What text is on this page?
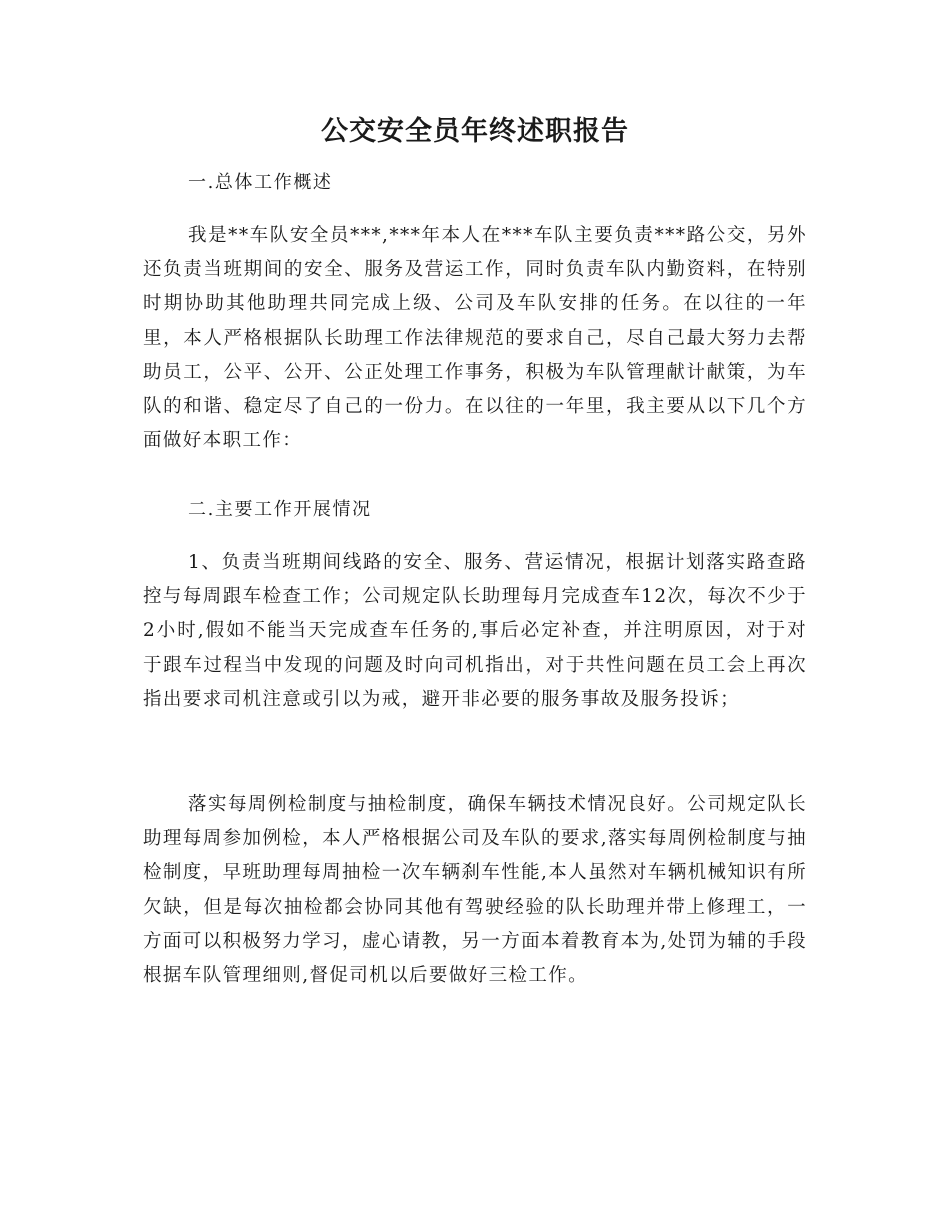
公交安全员年终述职报告
一.总体工作概述

我是**车队安全员***,***年本人在***车队主要负责***路公交，另外还负责当班期间的安全、服务及营运工作，同时负责车队内勤资料，在特别时期协助其他助理共同完成上级、公司及车队安排的任务。在以往的一年里，本人严格根据队长助理工作法律规范的要求自己，尽自己最大努力去帮助员工，公平、公开、公正处理工作事务，积极为车队管理献计献策，为车队的和谐、稳定尽了自己的一份力。在以往的一年里，我主要从以下几个方面做好本职工作：

二.主要工作开展情况

1、负责当班期间线路的安全、服务、营运情况，根据计划落实路查路控与每周跟车检查工作；公司规定队长助理每月完成查车12次，每次不少于2小时,假如不能当天完成查车任务的,事后必定补查，并注明原因，对于对于跟车过程当中发现的问题及时向司机指出，对于共性问题在员工会上再次指出要求司机注意或引以为戒，避开非必要的服务事故及服务投诉；

落实每周例检制度与抽检制度，确保车辆技术情况良好。公司规定队长助理每周参加例检，本人严格根据公司及车队的要求,落实每周例检制度与抽检制度，早班助理每周抽检一次车辆刹车性能,本人虽然对车辆机械知识有所欠缺，但是每次抽检都会协同其他有驾驶经验的队长助理并带上修理工，一方面可以积极努力学习，虚心请教，另一方面本着教育本为,处罚为辅的手段根据车队管理细则,督促司机以后要做好三检工作。
